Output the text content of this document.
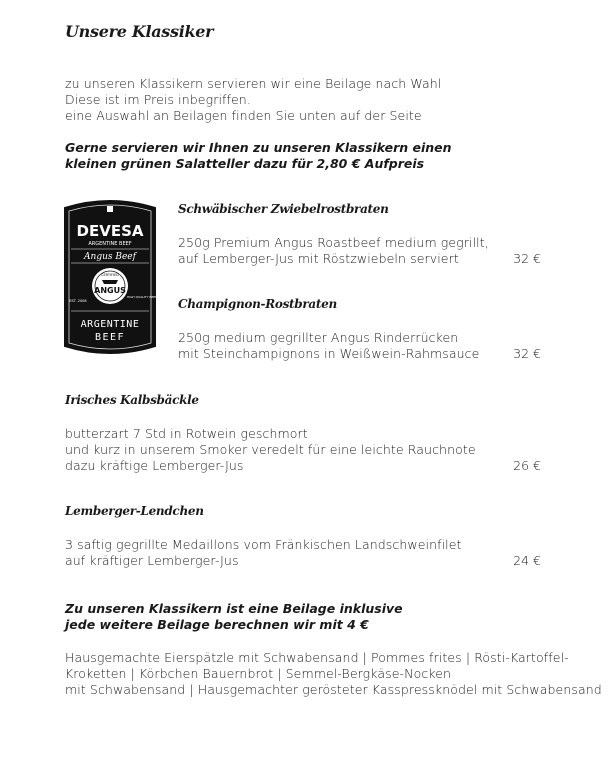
Unsere Klassiker
zu unseren Klassikern servieren wir eine Beilage nach Wahl
Diese ist im Preis inbegriffen.
eine Auswahl an Beilagen finden Sie unten auf der Seite
Gerne servieren wir Ihnen zu unseren Klassikern einen
kleinen grünen Salatteller dazu für 2,80 € Aufpreis
DEVESA
ARGENTINE BEEF
Angus Beef
CERTIFIED
ANGUS
EST. 2008
HIGH QUALITY BEEF
ARGENTINE
BEEF
Schwäbischer Zwiebelrostbraten
250g Premium Angus Roastbeef medium gegrillt,
auf Lemberger-Jus mit Röstzwiebeln serviert	32 €
Champignon-Rostbraten
250g medium gegrillter Angus Rinderrücken
mit Steinchampignons in Weißwein-Rahmsauce	32 €
Irisches Kalbsbäckle
butterzart 7 Std in Rotwein geschmort
und kurz in unserem Smoker veredelt für eine leichte Rauchnote
dazu kräftige Lemberger-Jus	26 €
Lemberger-Lendchen
3 saftig gegrillte Medaillons vom Fränkischen Landschweinfilet
auf kräftiger Lemberger-Jus	24 €
Zu unseren Klassikern ist eine Beilage inklusive
jede weitere Beilage berechnen wir mit 4 €
Hausgemachte Eierspätzle mit Schwabensand | Pommes frites | Rösti-Kartoffel-
Kroketten | Körbchen Bauernbrot | Semmel-Bergkäse-Nocken
mit Schwabensand | Hausgemachter gerösteter Kasspressknödel mit Schwabensand
